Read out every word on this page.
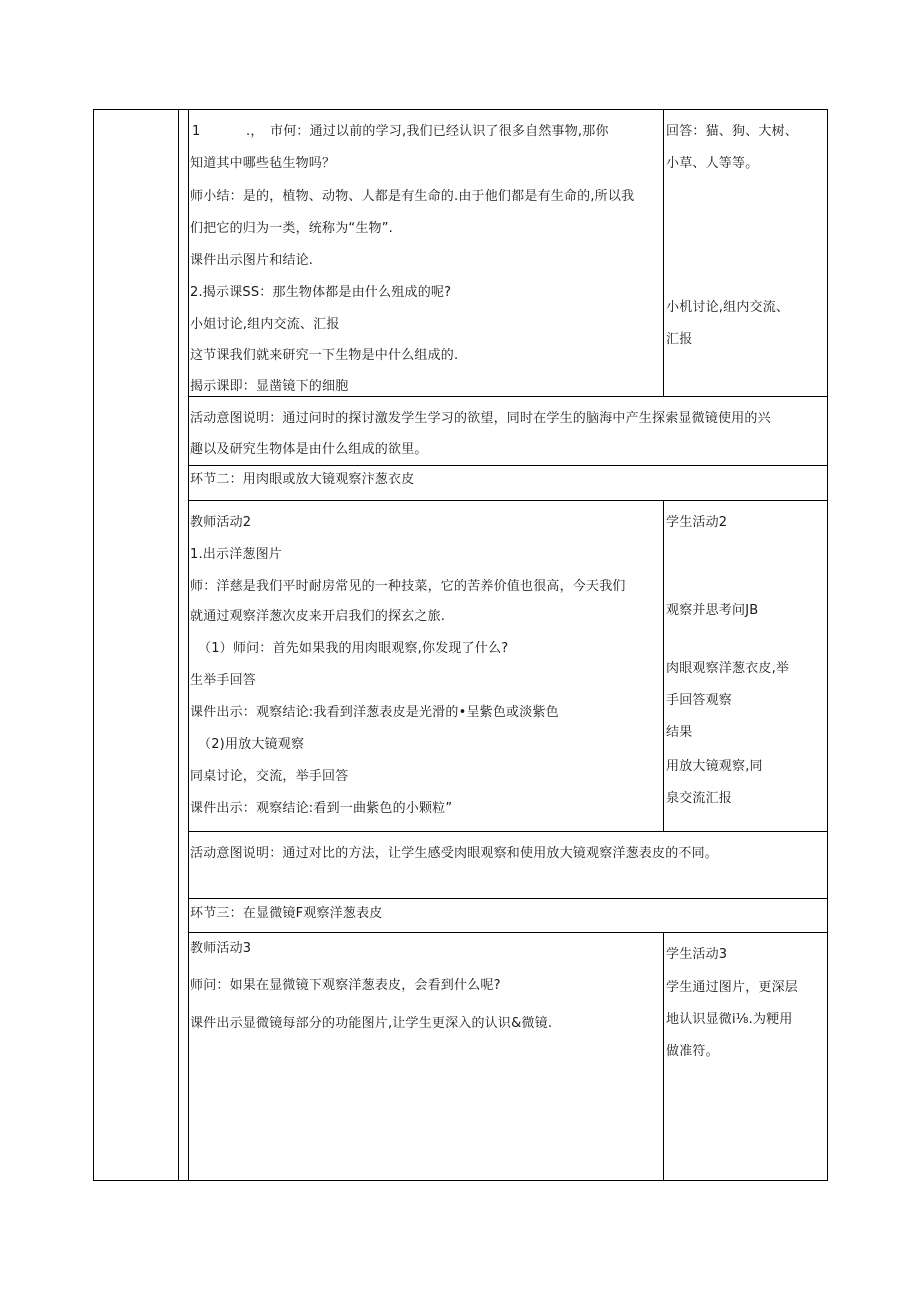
1	.， 市何：通过以前的学习,我们已经认识了很多自然事物,那你
知道其中哪些毡生物吗？
师小结：是的，植物、动物、人都是有生命的.由于他们都是有生命的,所以我
们把它的归为一类，统称为“生物”.
课件出示图片和结论.
2.揭示课SS：那生物体都是由什么殂成的呢?
小姐讨论,组内交流、汇报
这节课我们就来研究一下生物是中什么组成的.
揭示课即：显凿镜下的细胞
回答：猫、狗、大树、
小草、人等等。
小机讨论,组内交流、
汇报
活动意图说明：通过问时的探讨激发学生学习的欲望，同时在学生的脑海中产生探索显微镜使用的兴
趣以及研究生物体是由什么组成的欲里。
环节二：用肉眼或放大镜观察汴葱衣皮
教师活动2
1.出示洋葱图片
师：洋慈是我们平时耐房常见的一种技菜，它的苦养价值也很高，今天我们
就通过观察洋葱次皮来开启我们的探玄之旅.
（1）师问：首先如果我的用肉眼观察,你发现了什么?
生举手回答
课件出示：观察结论:我看到洋葱表皮是光滑的•呈紫色或淡紫色
（2)用放大镜观察
同桌讨论，交流，举手回答
课件出示：观察结论:看到一曲紫色的小颗粒”
学生活动2
观察并思考问JB
肉眼观察洋葱衣皮,举
手回答观察
结果
用放大镜观察,同
泉交流汇报
活动意图说明：通过对比的方法，让学生感受肉眼观察和使用放大镜观察洋葱表皮的不同。
环节三：在显微镜F观察洋葱表皮
教师活动3
师问：如果在显微镜下观察洋葱表皮，会看到什么呢?
课件出示显微镜每部分的功能图片,让学生更深入的认识&微镜.
学生活动3
学生通过图片，更深层
地认识显微i⅛.为粳用
做准符。
